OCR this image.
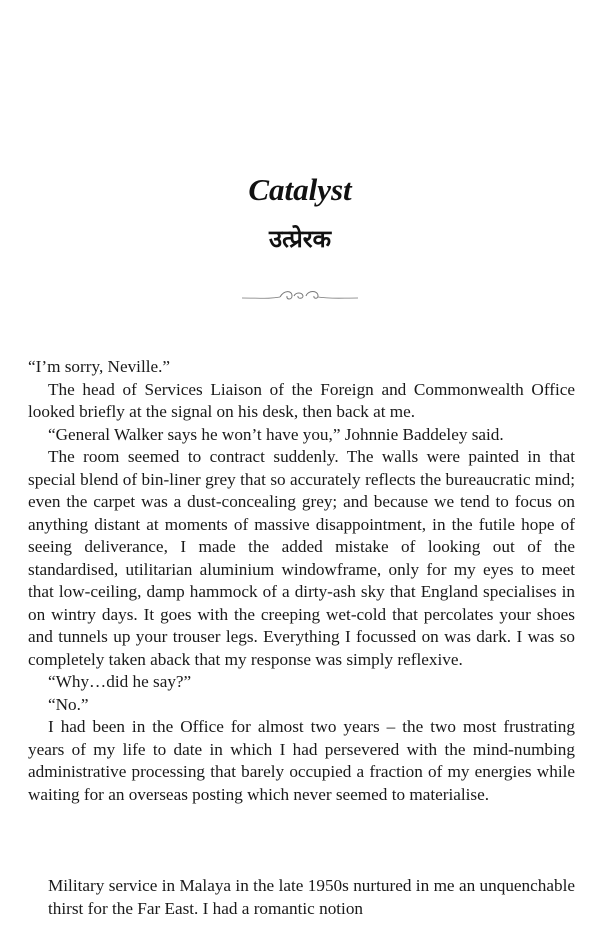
Catalyst
उत्प्रेरक

“I’m sorry, Neville.”

The head of Services Liaison of the Foreign and Commonwealth Office looked briefly at the signal on his desk, then back at me.

“General Walker says he won’t have you,” Johnnie Baddeley said.

The room seemed to contract suddenly. The walls were painted in that special blend of bin-liner grey that so accurately reflects the bureaucratic mind; even the carpet was a dust-concealing grey; and because we tend to focus on anything distant at moments of massive disappointment, in the futile hope of seeing deliverance, I made the added mistake of looking out of the standardised, utilitarian aluminium windowframe, only for my eyes to meet that low-ceiling, damp hammock of a dirty-ash sky that England specialises in on wintry days. It goes with the creeping wet-cold that percolates your shoes and tunnels up your trouser legs. Everything I focussed on was dark. I was so completely taken aback that my response was simply reflexive.

“Why…did he say?”

“No.”

I had been in the Office for almost two years – the two most frustrating years of my life to date in which I had persevered with the mind-numbing administrative processing that barely occupied a fraction of my energies while waiting for an overseas posting which never seemed to materialise.

Military service in Malaya in the late 1950s nurtured in me an unquenchable thirst for the Far East. I had a romantic notion
